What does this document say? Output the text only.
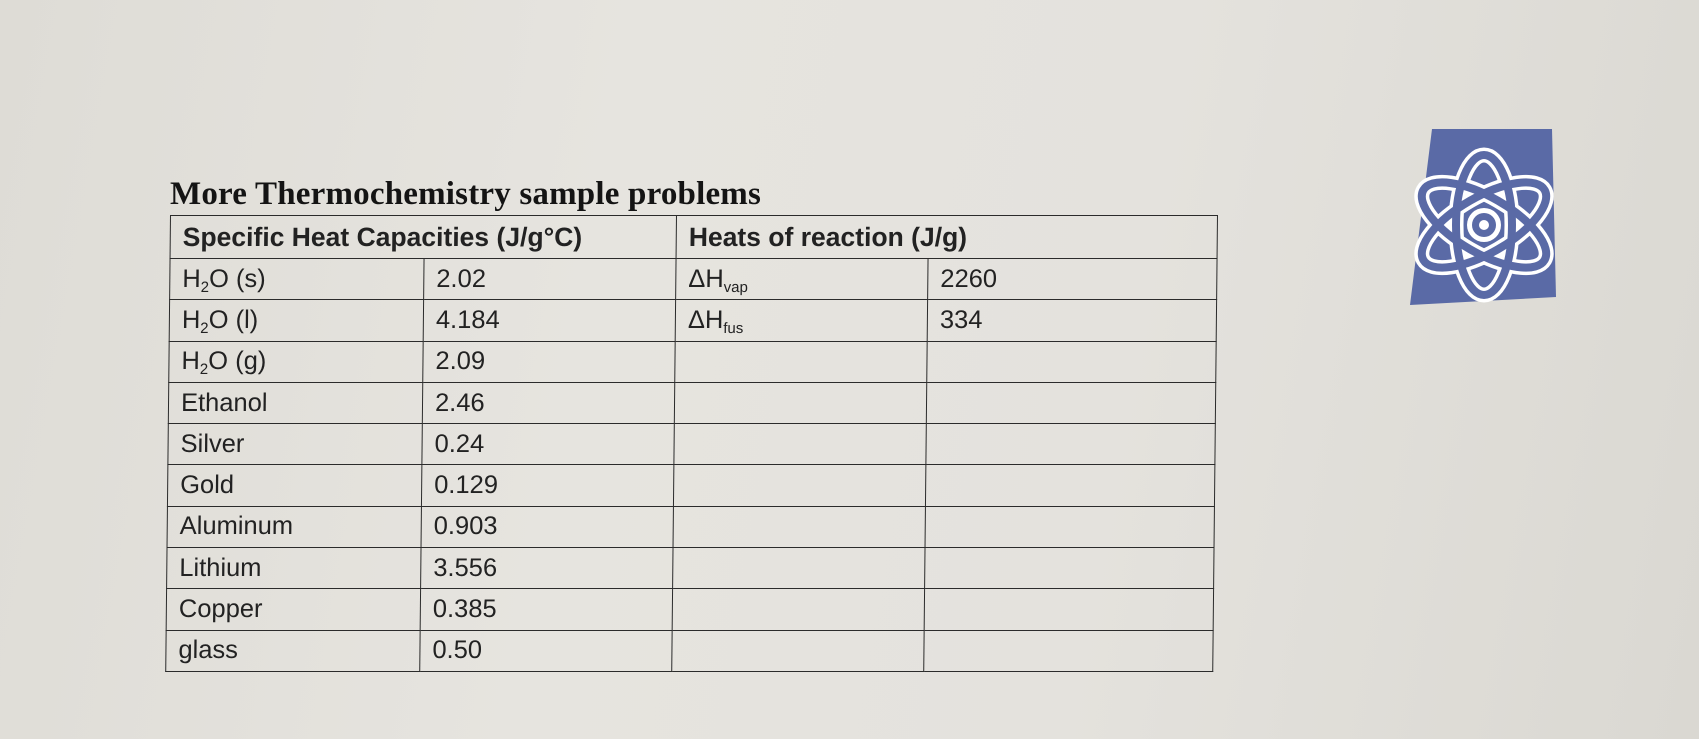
More Thermochemistry sample problems
Specific Heat Capacities (J/g°C)		Heats of reaction (J/g)	
$H_2O$ (s)	2.02	$\Delta H_{vap}$	2260
$H_2O$ (l)	4.184	$\Delta H_{fus}$	334
$H_2O$ (g)	2.09		
Ethanol	2.46		
Silver	0.24		
Gold	0.129		
Aluminum	0.903		
Lithium	3.556		
Copper	0.385		
glass	0.50		
